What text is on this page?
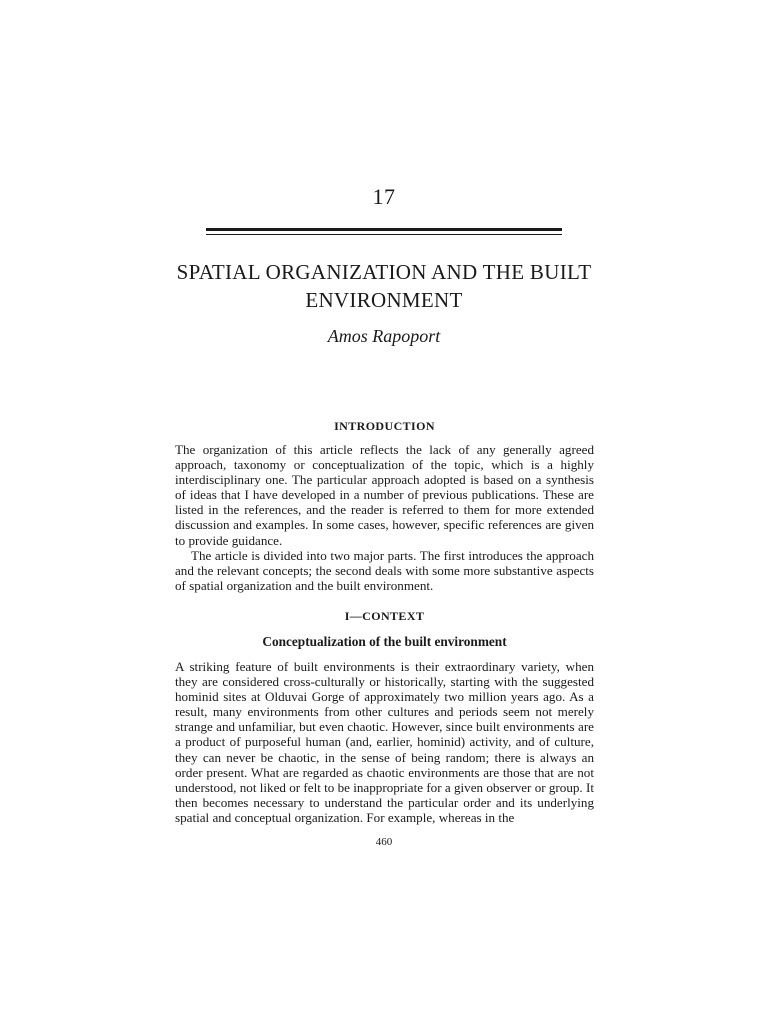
17
SPATIAL ORGANIZATION AND THE BUILT ENVIRONMENT
Amos Rapoport
INTRODUCTION

The organization of this article reflects the lack of any generally agreed approach, taxonomy or conceptualization of the topic, which is a highly interdisciplinary one. The particular approach adopted is based on a synthesis of ideas that I have developed in a number of previous publications. These are listed in the references, and the reader is referred to them for more extended discussion and examples. In some cases, however, specific references are given to provide guidance.

The article is divided into two major parts. The first introduces the approach and the relevant concepts; the second deals with some more substantive aspects of spatial organization and the built environment.

I—CONTEXT
Conceptualization of the built environment

A striking feature of built environments is their extraordinary variety, when they are considered cross-culturally or historically, starting with the suggested hominid sites at Olduvai Gorge of approximately two million years ago. As a result, many environments from other cultures and periods seem not merely strange and unfamiliar, but even chaotic. However, since built environments are a product of purposeful human (and, earlier, hominid) activity, and of culture, they can never be chaotic, in the sense of being random; there is always an order present. What are regarded as chaotic environments are those that are not understood, not liked or felt to be inappropriate for a given observer or group. It then becomes necessary to understand the particular order and its underlying spatial and conceptual organization. For example, whereas in the

460
